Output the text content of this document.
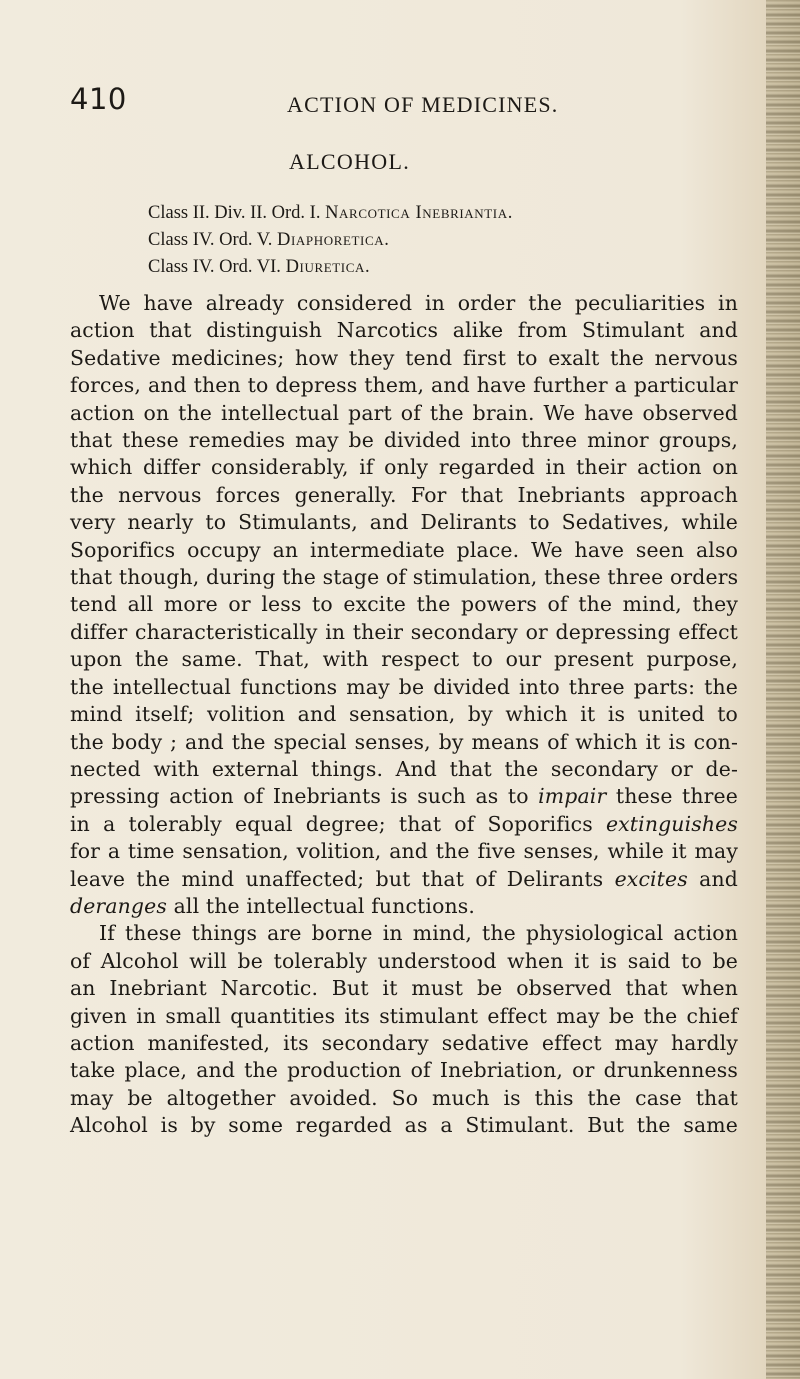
410	ACTION OF MEDICINES.
ALCOHOL.
Class II. Div. II. Ord. I. Narcotica Inebriantia.
Class IV. Ord. V. Diaphoretica.
Class IV. Ord. VI. Diuretica.
We have already considered in order the peculiarities in
action that distinguish Narcotics alike from Stimulant and
Sedative medicines; how they tend first to exalt the nervous
forces, and then to depress them, and have further a particular
action on the intellectual part of the brain. We have observed
that these remedies may be divided into three minor groups,
which differ considerably, if only regarded in their action on
the nervous forces generally. For that Inebriants approach
very nearly to Stimulants, and Delirants to Sedatives, while
Soporifics occupy an intermediate place. We have seen also
that though, during the stage of stimulation, these three orders
tend all more or less to excite the powers of the mind, they
differ characteristically in their secondary or depressing effect
upon the same. That, with respect to our present purpose,
the intellectual functions may be divided into three parts: the
mind itself; volition and sensation, by which it is united to
the body ; and the special senses, by means of which it is con-
nected with external things. And that the secondary or de-
pressing action of Inebriants is such as to impair these three
in a tolerably equal degree; that of Soporifics extinguishes
for a time sensation, volition, and the five senses, while it may
leave the mind unaffected; but that of Delirants excites and
deranges all the intellectual functions.
If these things are borne in mind, the physiological action
of Alcohol will be tolerably understood when it is said to be
an Inebriant Narcotic. But it must be observed that when
given in small quantities its stimulant effect may be the chief
action manifested, its secondary sedative effect may hardly
take place, and the production of Inebriation, or drunkenness
may be altogether avoided. So much is this the case that
Alcohol is by some regarded as a Stimulant. But the same
